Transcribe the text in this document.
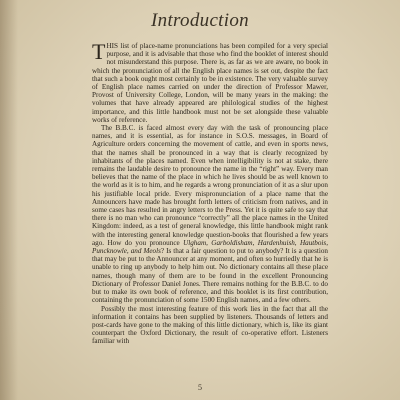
Introduction

THIS list of place-name pronunciations has been compiled for a very special purpose, and it is advisable that those who find the booklet of interest should not misunderstand this purpose. There is, as far as we are aware, no book in which the pronunciation of all the English place names is set out, despite the fact that such a book ought most certainly to be in existence. The very valuable survey of English place names carried on under the direction of Professor Mawer, Provost of University College, London, will be many years in the making: the volumes that have already appeared are philological studies of the highest importance, and this little handbook must not be set alongside these valuable works of reference.

The B.B.C. is faced almost every day with the task of pronouncing place names, and it is essential, as for instance in S.O.S. messages, in Board of Agriculture orders concerning the movement of cattle, and even in sports news, that the names shall be pronounced in a way that is clearly recognized by inhabitants of the places named. Even when intelligibility is not at stake, there remains the laudable desire to pronounce the name in the “right” way. Every man believes that the name of the place in which he lives should be as well known to the world as it is to him, and he regards a wrong pronunciation of it as a slur upon his justifiable local pride. Every mispronunciation of a place name that the Announcers have made has brought forth letters of criticism from natives, and in some cases has resulted in angry letters to the Press. Yet it is quite safe to say that there is no man who can pronounce “correctly” all the place names in the United Kingdom: indeed, as a test of general knowledge, this little handbook might rank with the interesting general knowledge question-books that flourished a few years ago. How do you pronounce Ulgham, Garboldisham, Hardenhuish, Hautbois, Puncknowle, and Meols? Is that a fair question to put to anybody? It is a question that may be put to the Announcer at any moment, and often so hurriedly that he is unable to ring up anybody to help him out. No dictionary contains all these place names, though many of them are to be found in the excellent Pronouncing Dictionary of Professor Daniel Jones. There remains nothing for the B.B.C. to do but to make its own book of reference, and this booklet is its first contribution, containing the pronunciation of some 1500 English names, and a few others.

Possibly the most interesting feature of this work lies in the fact that all the information it contains has been supplied by listeners. Thousands of letters and post-cards have gone to the making of this little dictionary, which is, like its giant counterpart the Oxford Dictionary, the result of co-operative effort. Listeners familiar with

5
